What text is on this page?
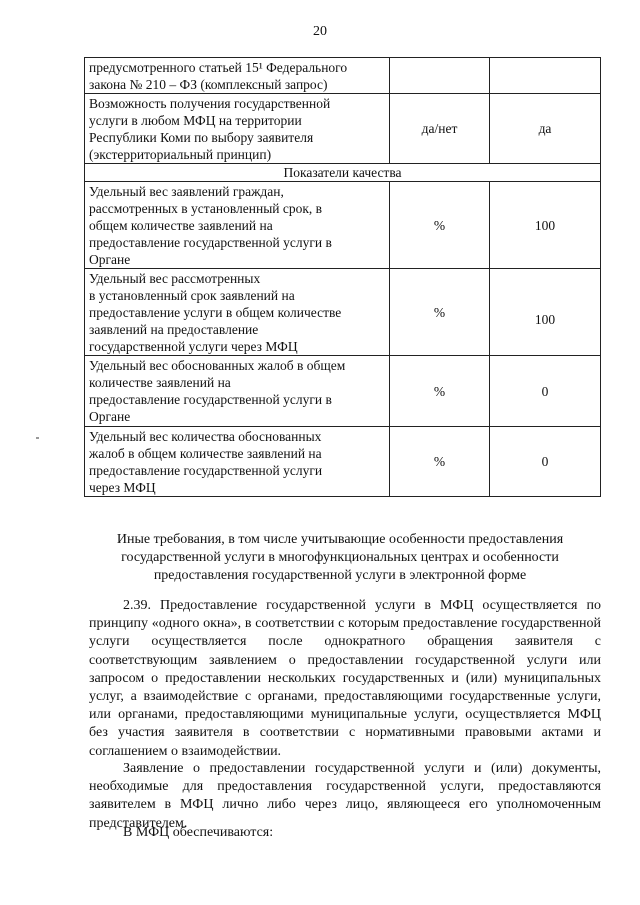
20
предусмотренного статьей 15¹ Федерального
закона № 210 – ФЗ (комплексный запрос)		

Возможность получения государственной
услуги в любом МФЦ на территории
Республики Коми по выбору заявителя
(экстерриториальный принцип)	да/нет	да
Показатели качества		

Удельный вес заявлений граждан,
рассмотренных в установленный срок, в
общем количестве заявлений на
предоставление государственной услуги в
Органе	%	100

Удельный вес рассмотренных
в установленный срок заявлений на
предоставление услуги в общем количестве
заявлений на предоставление
государственной услуги через МФЦ	%	100

Удельный вес обоснованных жалоб в общем
количестве заявлений на
предоставление государственной услуги в
Органе	%	0

Удельный вес количества обоснованных
жалоб в общем количестве заявлений на
предоставление государственной услуги
через МФЦ	%	0
Иные требования, в том числе учитывающие особенности предоставления
государственной услуги в многофункциональных центрах и особенности
предоставления государственной услуги в электронной форме

2.39. Предоставление государственной услуги в МФЦ осуществляется по принципу «одного окна», в соответствии с которым предоставление государственной услуги осуществляется после однократного обращения заявителя с соответствующим заявлением о предоставлении государственной услуги или запросом о предоставлении нескольких государственных и (или) муниципальных услуг, а взаимодействие с органами, предоставляющими государственные услуги, или органами, предоставляющими муниципальные услуги, осуществляется МФЦ без участия заявителя в соответствии с нормативными правовыми актами и соглашением о взаимодействии.

Заявление о предоставлении государственной услуги и (или) документы, необходимые для предоставления государственной услуги, предоставляются заявителем в МФЦ лично либо через лицо, являющееся его уполномоченным представителем.

В МФЦ обеспечиваются:
